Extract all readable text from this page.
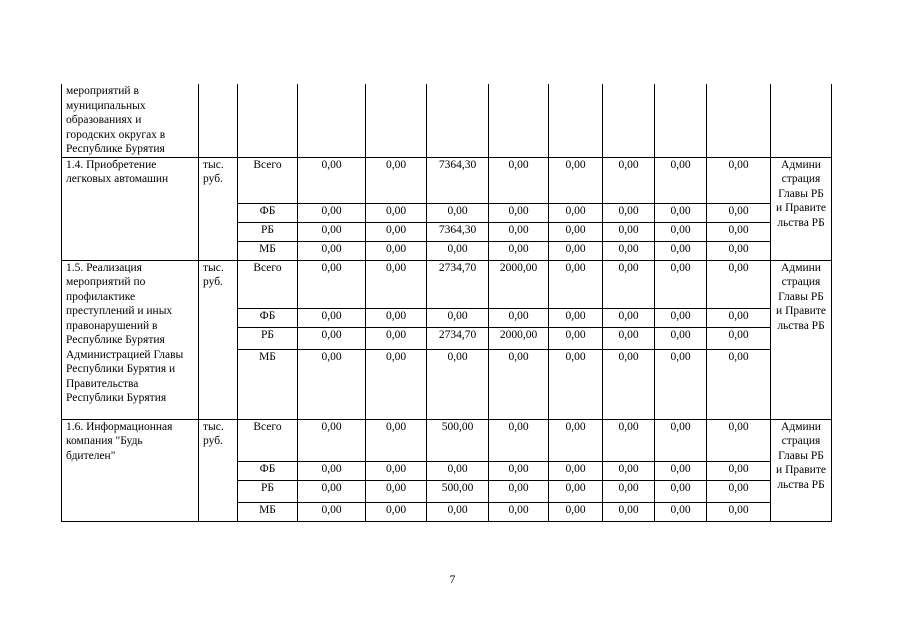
мероприятий в муниципальных образованиях и городских округах в Республике Бурятия											
1.4. Приобретение легковых автомашин	тыс. руб.	Всего	0,00	0,00	7364,30	0,00	0,00	0,00	0,00	0,00	Админи страция Главы РБ и Правите льства РБ
		ФБ	0,00	0,00	0,00	0,00	0,00	0,00	0,00	0,00	
		РБ	0,00	0,00	7364,30	0,00	0,00	0,00	0,00	0,00	
		МБ	0,00	0,00	0,00	0,00	0,00	0,00	0,00	0,00	
1.5. Реализация мероприятий по профилактике преступлений и иных правонарушений в Республике Бурятия Администрацией Главы Республики Бурятия и Правительства Республики Бурятия	тыс. руб.	Всего	0,00	0,00	2734,70	2000,00	0,00	0,00	0,00	0,00	Админи страция Главы РБ и Правите льства РБ
		ФБ	0,00	0,00	0,00	0,00	0,00	0,00	0,00	0,00	
		РБ	0,00	0,00	2734,70	2000,00	0,00	0,00	0,00	0,00	
		МБ	0,00	0,00	0,00	0,00	0,00	0,00	0,00	0,00	
1.6. Информационная компания "Будь бдителен"	тыс. руб.	Всего	0,00	0,00	500,00	0,00	0,00	0,00	0,00	0,00	Админи страция Главы РБ и Правите льства РБ
		ФБ	0,00	0,00	0,00	0,00	0,00	0,00	0,00	0,00	
		РБ	0,00	0,00	500,00	0,00	0,00	0,00	0,00	0,00	
		МБ	0,00	0,00	0,00	0,00	0,00	0,00	0,00	0,00	
7
